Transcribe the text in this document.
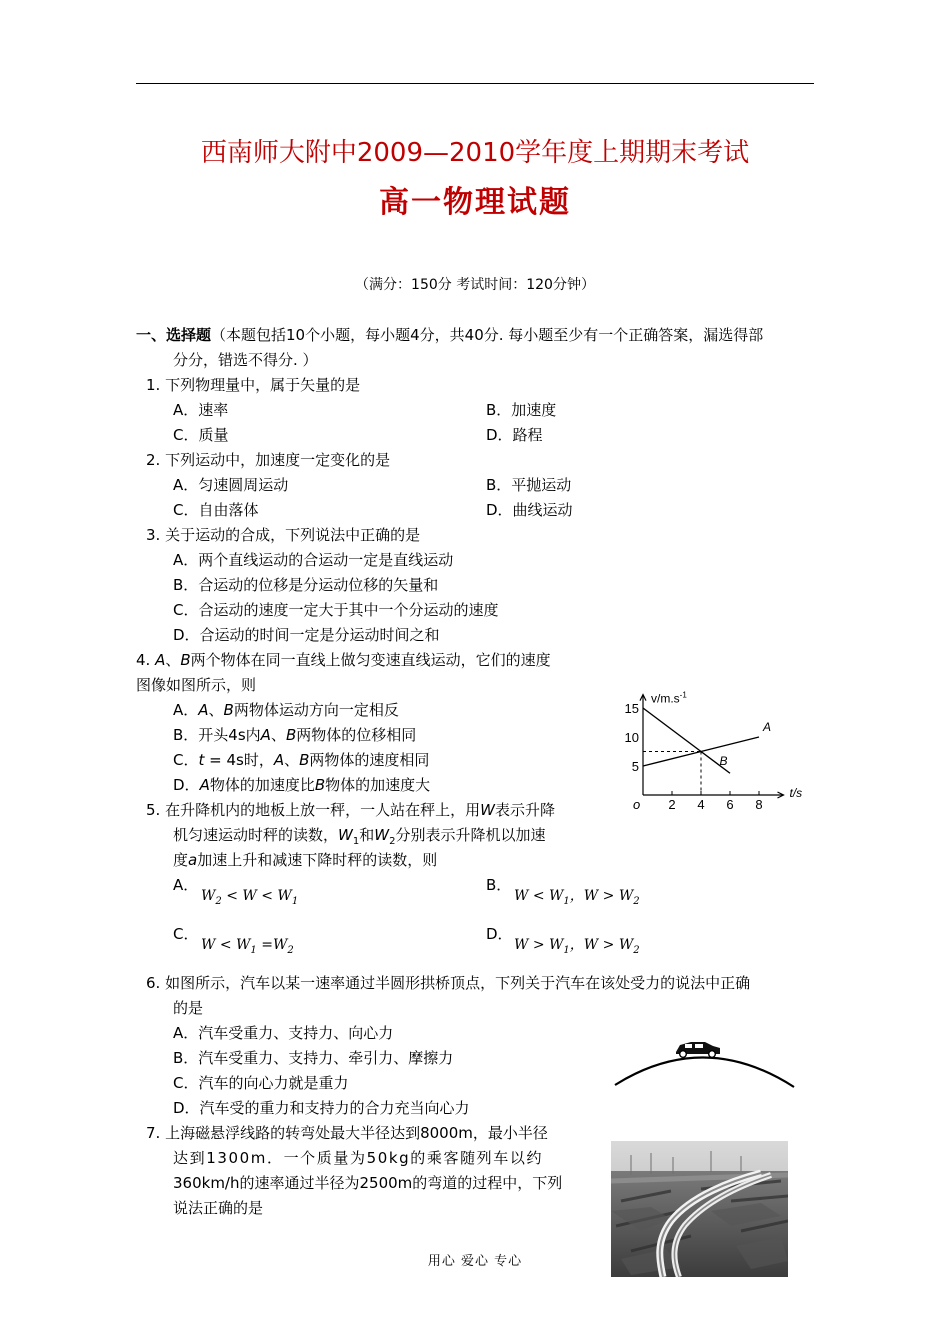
西南师大附中2009—2010学年度上期期末考试
高一物理试题
（满分：150分 考试时间：120分钟）
一、选择题（本题包括10个小题，每小题4分，共40分. 每小题至少有一个正确答案，漏选得部
分分，错选不得分. ）
1. 下列物理量中，属于矢量的是
A．速率	B．加速度
C．质量	D．路程
2. 下列运动中，加速度一定变化的是
A．匀速圆周运动	B．平抛运动
C．自由落体	D．曲线运动
3. 关于运动的合成，下列说法中正确的是
A．两个直线运动的合运动一定是直线运动
B．合运动的位移是分运动位移的矢量和
C．合运动的速度一定大于其中一个分运动的速度
D．合运动的时间一定是分运动时间之和
4. A、B两个物体在同一直线上做匀变速直线运动，它们的速度
图像如图所示，则
A．A、B两物体运动方向一定相反
B．开头4s内A、B两物体的位移相同
C．t = 4s时，A、B两物体的速度相同
D．A物体的加速度比B物体的加速度大
$v/m.s^{-1}$
t/s
o
5
10
15
2 4 6 8
A
B
5. 在升降机内的地板上放一秤，一人站在秤上，用W表示升降
机匀速运动时秤的读数，$W_1$和$W_2$分别表示升降机以加速
度a加速上升和减速下降时秤的读数，则
A．
$W_2 < W < W_1$
B．
$W < W_1$，$W > W_2$
C．
$W < W_1 =W_2$
D．
$W > W_1$，$W > W_2$
6. 如图所示，汽车以某一速率通过半圆形拱桥顶点，下列关于汽车在该处受力的说法中正确
的是
A．汽车受重力、支持力、向心力
B．汽车受重力、支持力、牵引力、摩擦力
C．汽车的向心力就是重力
D．汽车受的重力和支持力的合力充当向心力
7. 上海磁悬浮线路的转弯处最大半径达到8000m，最小半径
达到1300m．一个质量为50kg的乘客随列车以约
360km/h的速率通过半径为2500m的弯道的过程中，下列
说法正确的是
用心 爱心 专心
